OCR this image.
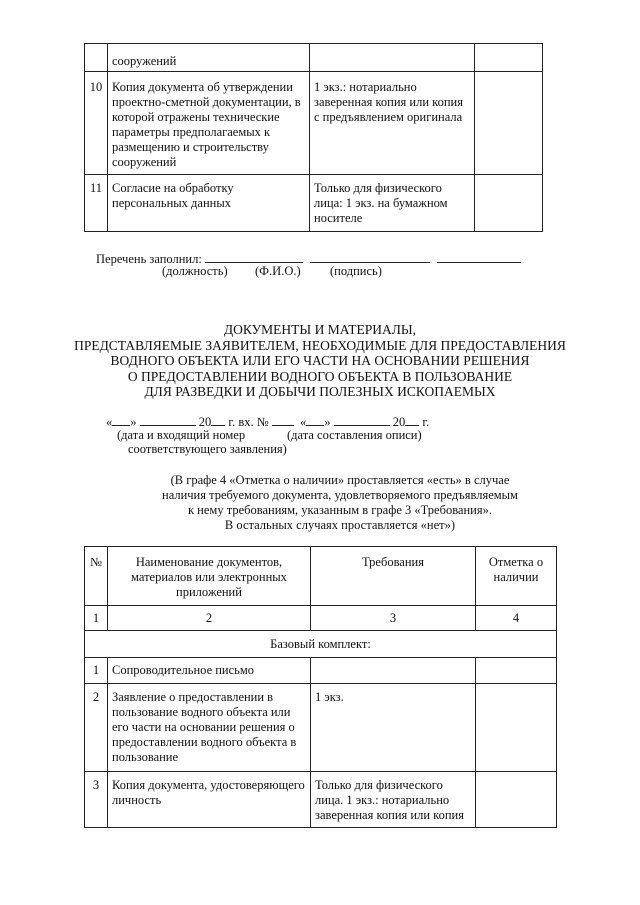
	сооружений		
10	Копия документа об утверждении проектно-сметной документации, в которой отражены технические параметры предполагаемых к размещению и строительству сооружений	1 экз.: нотариально заверенная копия или копия с предъявлением оригинала	
11	Согласие на обработку персональных данных	Только для физического лица: 1 экз. на бумажном носителе	
Перечень заполнил:
(должность) (Ф.И.О.) (подпись)
ДОКУМЕНТЫ И МАТЕРИАЛЫ,
ПРЕДСТАВЛЯЕМЫЕ ЗАЯВИТЕЛЕМ, НЕОБХОДИМЫЕ ДЛЯ ПРЕДОСТАВЛЕНИЯ
ВОДНОГО ОБЪЕКТА ИЛИ ЕГО ЧАСТИ НА ОСНОВАНИИ РЕШЕНИЯ
О ПРЕДОСТАВЛЕНИИ ВОДНОГО ОБЪЕКТА В ПОЛЬЗОВАНИЕ
ДЛЯ РАЗВЕДКИ И ДОБЫЧИ ПОЛЕЗНЫХ ИСКОПАЕМЫХ
« »	20 г. вх. №	« »	20 г.
(дата и входящий номер	(дата составления описи)
соответствующего заявления)
(В графе 4 «Отметка о наличии» проставляется «есть» в случае
наличия требуемого документа, удовлетворяемого предъявляемым
к нему требованиям, указанным в графе 3 «Требования».
В остальных случаях проставляется «нет»)
№	Наименование документов, материалов или электронных приложений	Требования	Отметка о наличии
1	2	3	4
Базовый комплект:			
1	Сопроводительное письмо		
2	Заявление о предоставлении в пользование водного объекта или его части на основании решения о предоставлении водного объекта в пользование	1 экз.	
3	Копия документа, удостоверяющего личность	Только для физического лица. 1 экз.: нотариально заверенная копия или копия	
